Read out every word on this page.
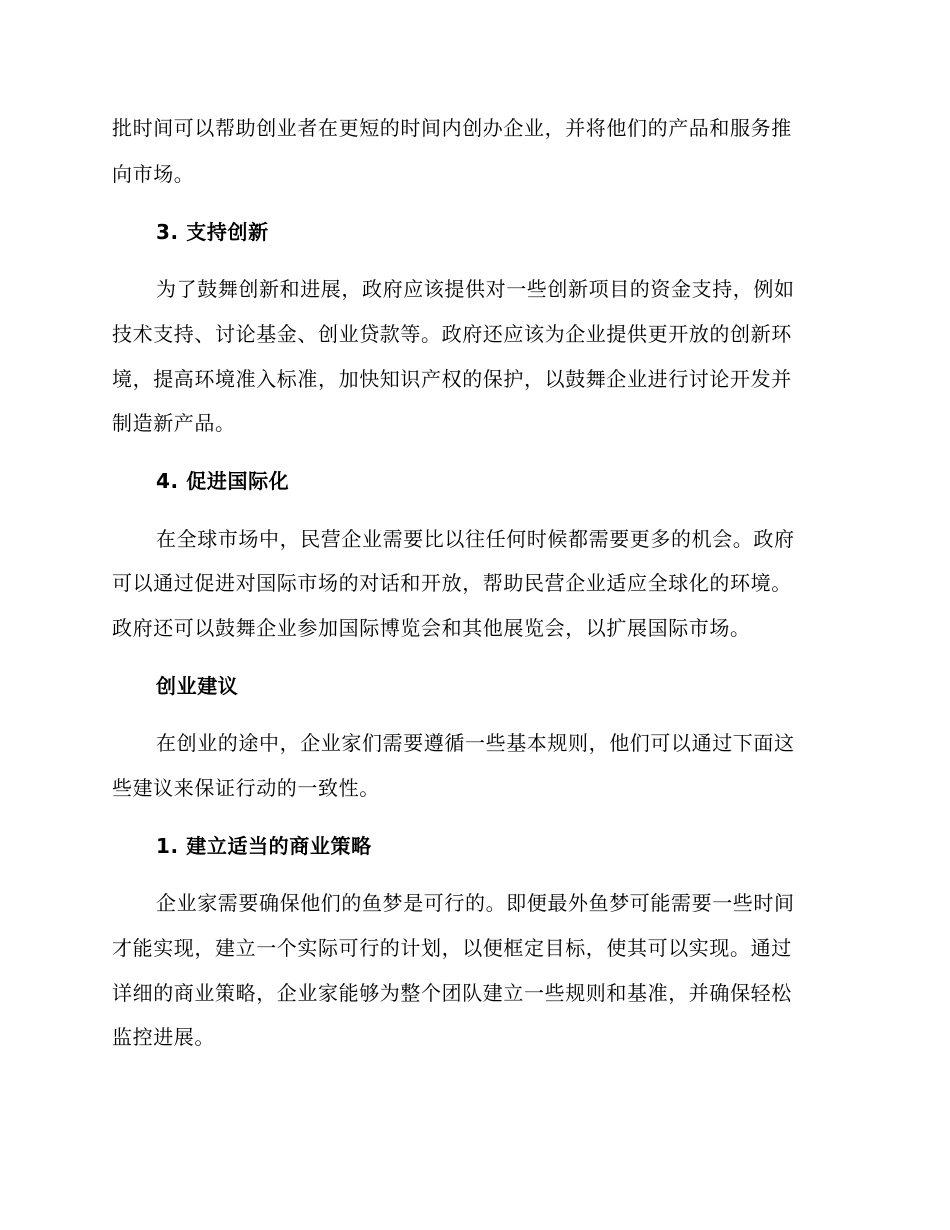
批时间可以帮助创业者在更短的时间内创办企业，并将他们的产品和服务推
向市场。
3. 支持创新
为了鼓舞创新和进展，政府应该提供对一些创新项目的资金支持，例如
技术支持、讨论基金、创业贷款等。政府还应该为企业提供更开放的创新环
境，提高环境准入标准，加快知识产权的保护，以鼓舞企业进行讨论开发并
制造新产品。
4. 促进国际化
在全球市场中，民营企业需要比以往任何时候都需要更多的机会。政府
可以通过促进对国际市场的对话和开放，帮助民营企业适应全球化的环境。
政府还可以鼓舞企业参加国际博览会和其他展览会，以扩展国际市场。
创业建议
在创业的途中，企业家们需要遵循一些基本规则，他们可以通过下面这
些建议来保证行动的一致性。
1. 建立适当的商业策略
企业家需要确保他们的鱼梦是可行的。即便最外鱼梦可能需要一些时间
才能实现，建立一个实际可行的计划，以便框定目标，使其可以实现。通过
详细的商业策略，企业家能够为整个团队建立一些规则和基准，并确保轻松
监控进展。
